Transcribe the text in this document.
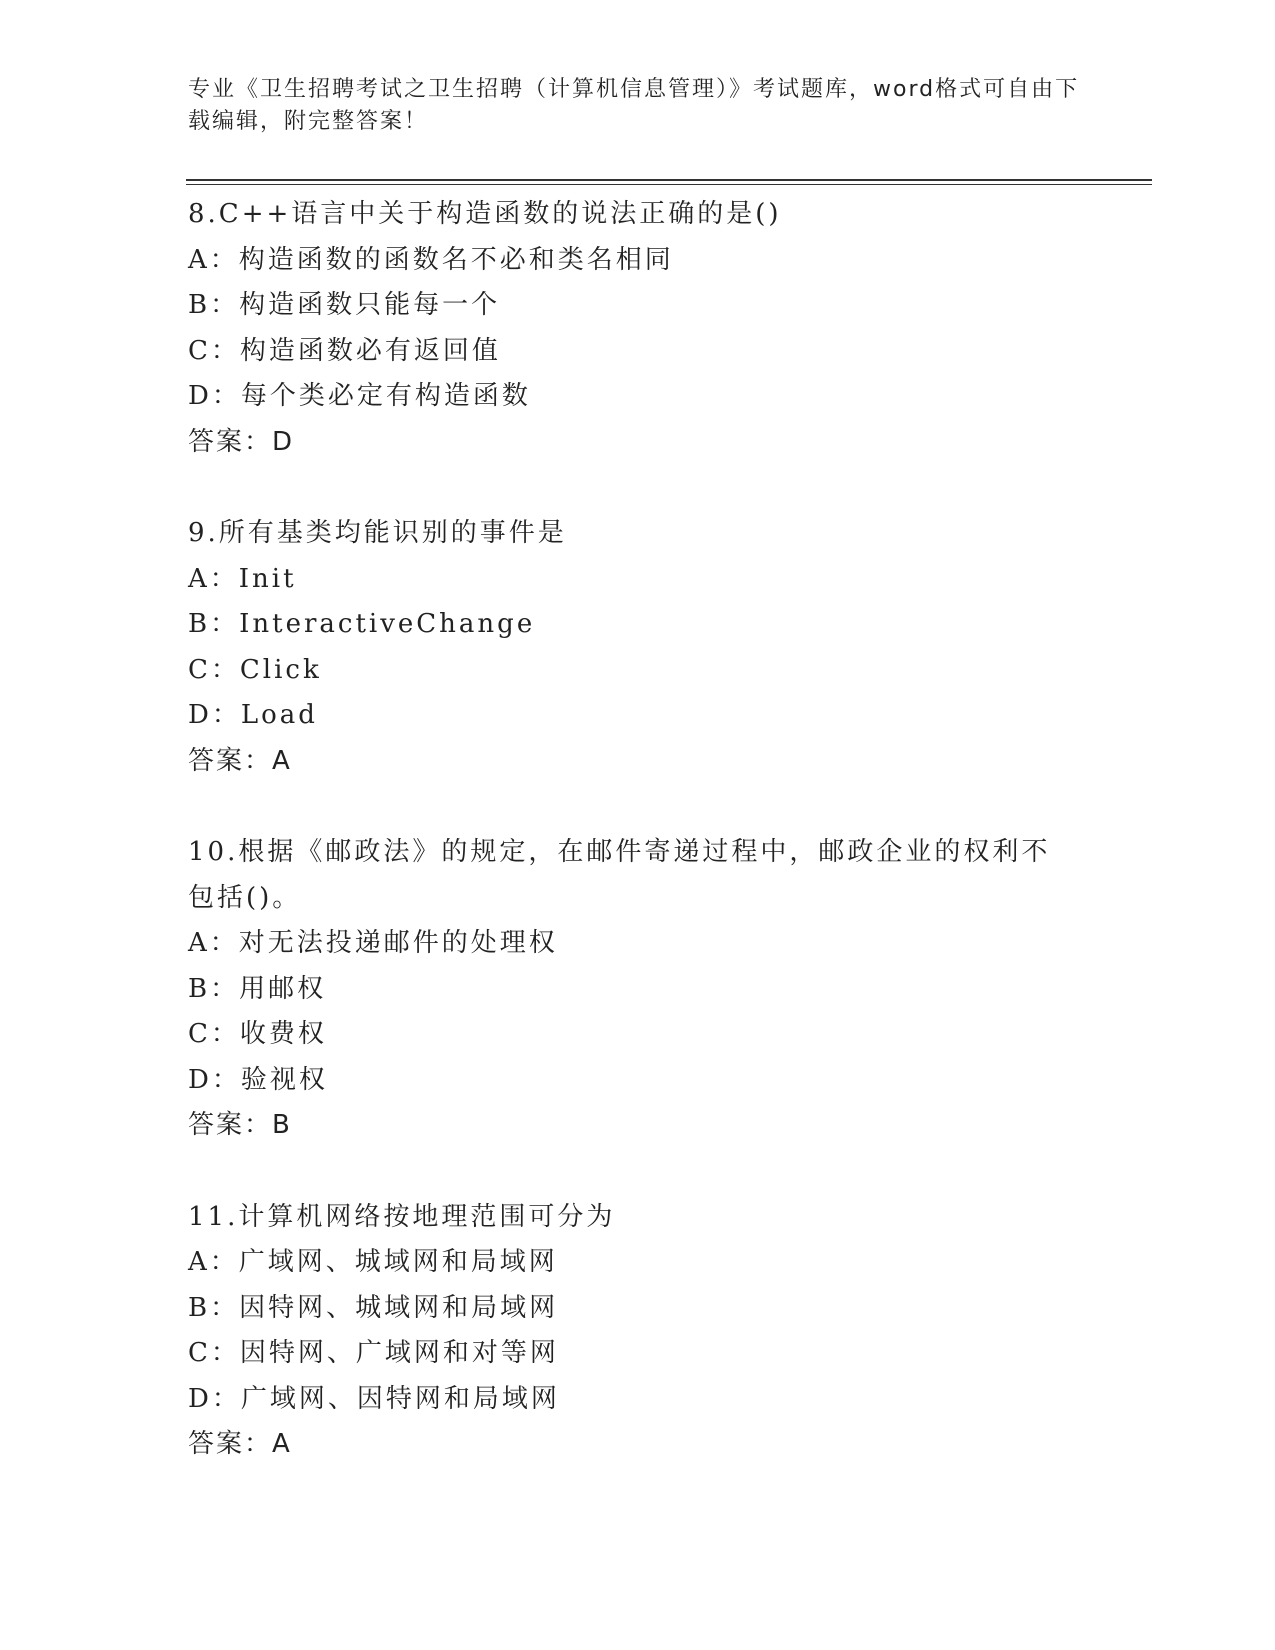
专业《卫生招聘考试之卫生招聘（计算机信息管理）》考试题库，word格式可自由下载编辑，附完整答案！
8.C++语言中关于构造函数的说法正确的是()
A：构造函数的函数名不必和类名相同
B：构造函数只能每一个
C：构造函数必有返回值
D：每个类必定有构造函数
答案：D
9.所有基类均能识别的事件是
A：Init
B：InteractiveChange
C：Click
D：Load
答案：A
10.根据《邮政法》的规定，在邮件寄递过程中，邮政企业的权利不包括()。
A：对无法投递邮件的处理权
B：用邮权
C：收费权
D：验视权
答案：B
11.计算机网络按地理范围可分为
A：广域网、城域网和局域网
B：因特网、城域网和局域网
C：因特网、广域网和对等网
D：广域网、因特网和局域网
答案：A
